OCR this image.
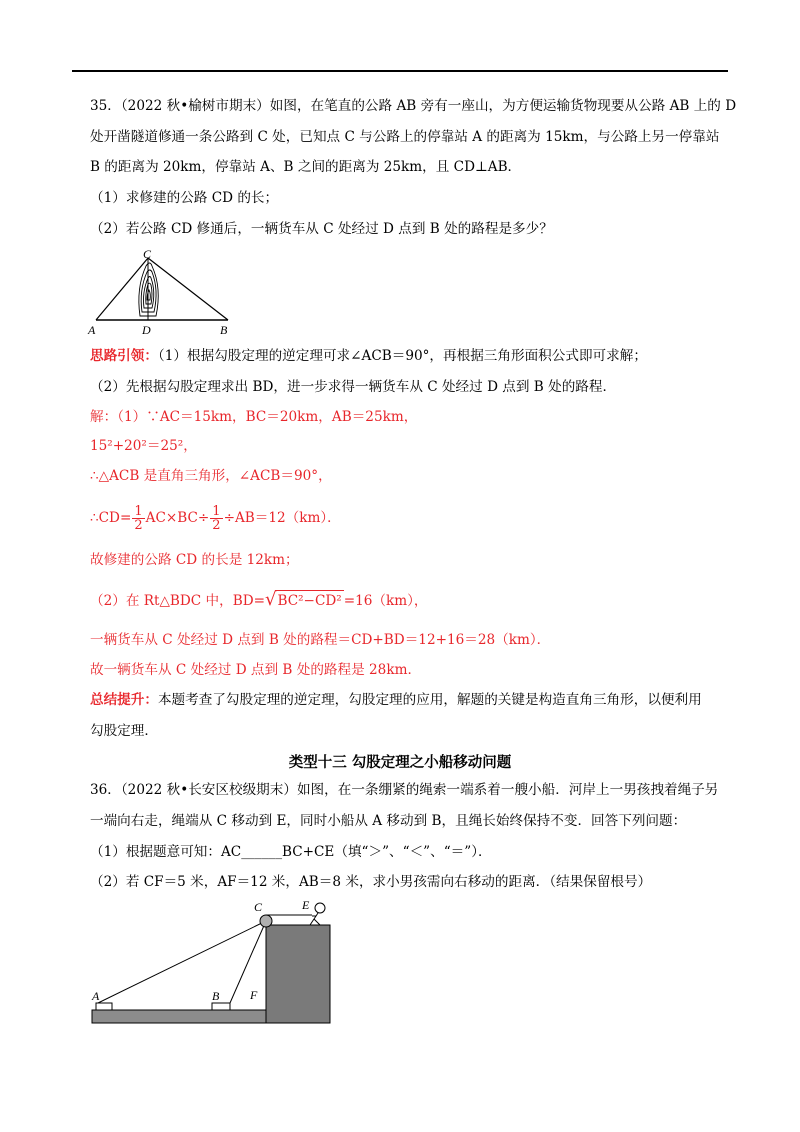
35．（2022 秋•榆树市期末）如图，在笔直的公路 AB 旁有一座山，为方便运输货物现要从公路 AB 上的 D
处开凿隧道修通一条公路到 C 处，已知点 C 与公路上的停靠站 A 的距离为 15km，与公路上另一停靠站
B 的距离为 20km，停靠站 A、B 之间的距离为 25km，且 CD⊥AB．
（1）求修建的公路 CD 的长；
（2）若公路 CD 修通后，一辆货车从 C 处经过 D 点到 B 处的路程是多少？
C
A	D	B
思路引领：（1）根据勾股定理的逆定理可求∠ACB＝90°，再根据三角形面积公式即可求解；
（2）先根据勾股定理求出 BD，进一步求得一辆货车从 C 处经过 D 点到 B 处的路程．
解：（1）∵AC＝15km，BC＝20km，AB＝25km，
15²+20²＝25²，
∴△ACB 是直角三角形，∠ACB＝90°，
∴CD= $\frac{1}{2} AC\times BC\div \frac{1}{2} \div AB=12(km)$．
故修建的公路 CD 的长是 12km；
（2）在 Rt△BDC 中，BD=√BC²−CD² =16（km），
一辆货车从 C 处经过 D 点到 B 处的路程＝CD+BD＝12+16＝28（km）．
故一辆货车从 C 处经过 D 点到 B 处的路程是 28km．
总结提升：本题考查了勾股定理的逆定理，勾股定理的应用，解题的关键是构造直角三角形，以便利用
勾股定理．
类型十三 勾股定理之小船移动问题
36．（2022 秋•长安区校级期末）如图，在一条绷紧的绳索一端系着一艘小船．河岸上一男孩拽着绳子另
一端向右走，绳端从 C 移动到 E，同时小船从 A 移动到 B，且绳长始终保持不变．回答下列问题：
（1）根据题意可知：AC______BC+CE（填“＞”、“＜”、“＝”）．
（2）若 CF＝5 米，AF＝12 米，AB＝8 米，求小男孩需向右移动的距离．（结果保留根号）
C	E
A	B	F
